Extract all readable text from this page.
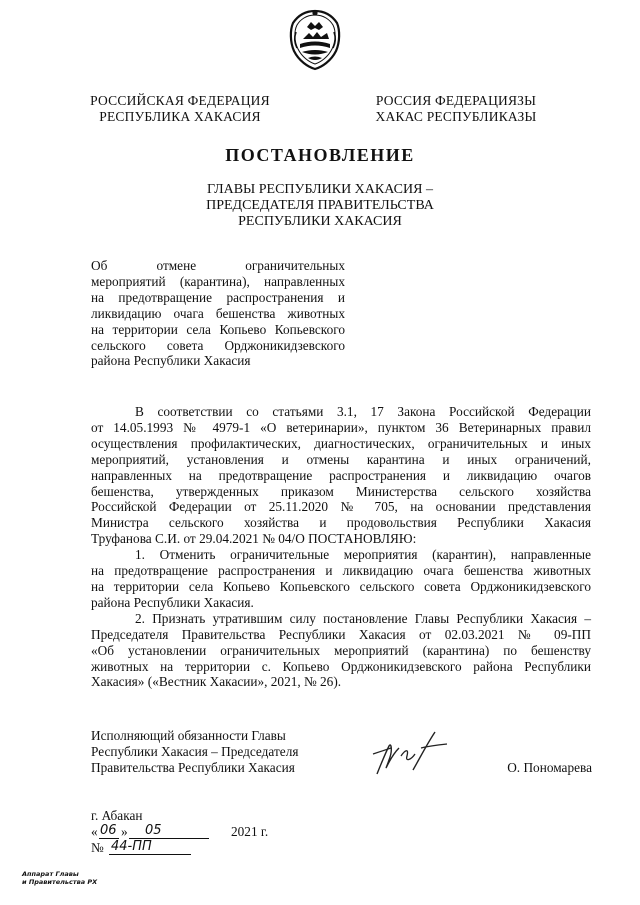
РОССИЙСКАЯ ФЕДЕРАЦИЯ
РЕСПУБЛИКА ХАКАСИЯ
РОССИЯ ФЕДЕРАЦИЯЗЫ
ХАКАС РЕСПУБЛИКАЗЫ
ПОСТАНОВЛЕНИЕ
ГЛАВЫ РЕСПУБЛИКИ ХАКАСИЯ –
ПРЕДСЕДАТЕЛЯ ПРАВИТЕЛЬСТВА
РЕСПУБЛИКИ ХАКАСИЯ
Об отмене ограничительных
мероприятий (карантина), направленных
на предотвращение распространения и
ликвидацию очага бешенства животных
на территории села Копьево Копьевского
сельского совета Орджоникидзевского
района Республики Хакасия
В соответствии со статьями 3.1, 17 Закона Российской Федерации
от 14.05.1993 № 4979-1 «О ветеринарии», пунктом 36 Ветеринарных правил
осуществления профилактических, диагностических, ограничительных и иных
мероприятий, установления и отмены карантина и иных ограничений,
направленных на предотвращение распространения и ликвидацию очагов
бешенства, утвержденных приказом Министерства сельского хозяйства
Российской Федерации от 25.11.2020 № 705, на основании представления
Министра сельского хозяйства и продовольствия Республики Хакасия
Труфанова С.И. от 29.04.2021 № 04/О ПОСТАНОВЛЯЮ:
1. Отменить ограничительные мероприятия (карантин), направленные
на предотвращение распространения и ликвидацию очага бешенства животных
на территории села Копьево Копьевского сельского совета Орджоникидзевского
района Республики Хакасия.
2. Признать утратившим силу постановление Главы Республики Хакасия –
Председателя Правительства Республики Хакасия от 02.03.2021 № 09-ПП
«Об установлении ограничительных мероприятий (карантина) по бешенству
животных на территории с. Копьево Орджоникидзевского района Республики
Хакасия» («Вестник Хакасии», 2021, № 26).
Исполняющий обязанности Главы
Республики Хакасия – Председателя
Правительства Республики Хакасия	О. Пономарева
г. Абакан
« 06 » 05	2021 г.
№ 44-ПП
Аппарат Главы
и Правительства РХ
